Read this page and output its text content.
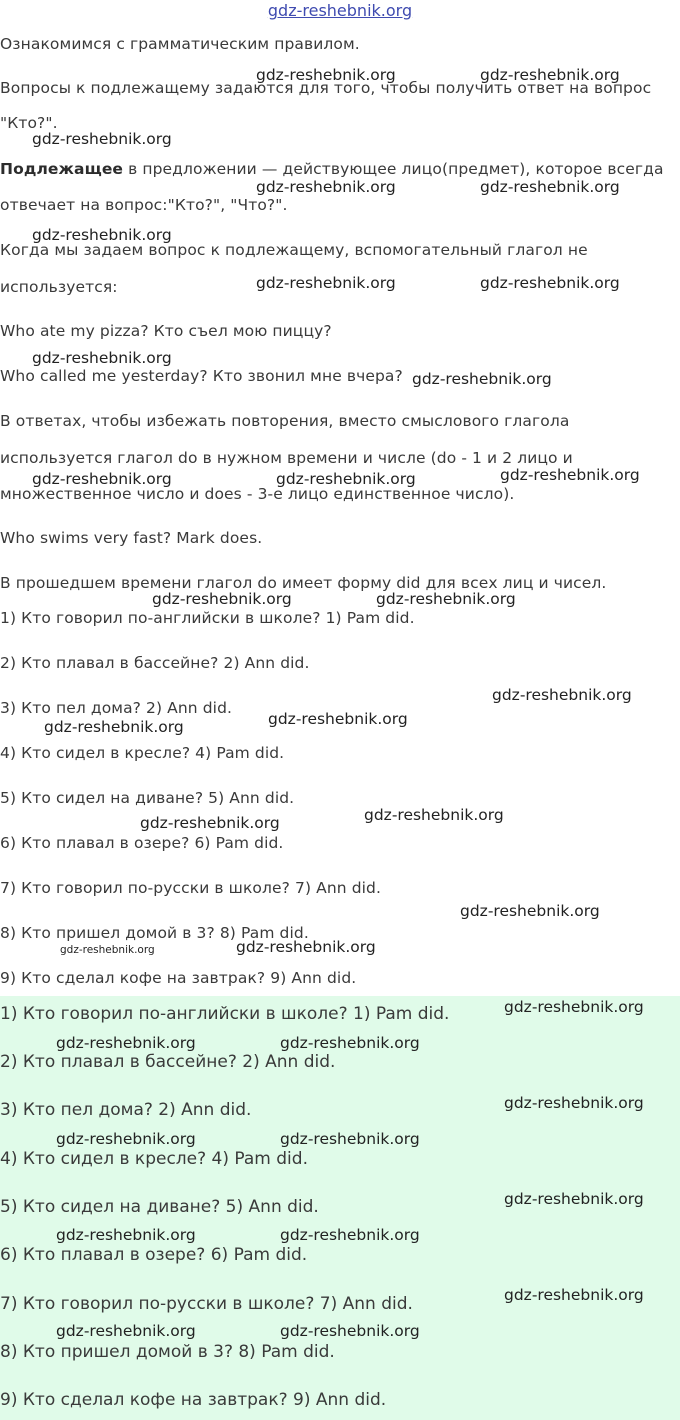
gdz-reshebnik.org
Ознакомимся с грамматическим правилом.
Вопросы к подлежащему задаются для того, чтобы получить ответ на вопрос
"Кто?".
Подлежащее в предложении — действующее лицо(предмет), которое всегда
отвечает на вопрос:"Кто?", "Что?".
Когда мы задаем вопрос к подлежащему, вспомогательный глагол не
используется:
Who ate my pizza? Кто съел мою пиццу?
Who called me yesterday? Кто звонил мне вчера?
В ответах, чтобы избежать повторения, вместо смыслового глагола
используется глагол do в нужном времени и числе (do - 1 и 2 лицо и
множественное число и does - 3-е лицо единственное число).
Who swims very fast? Mark does.
В прошедшем времени глагол do имеет форму did для всех лиц и чисел.
1) Кто говорил по-английски в школе? 1) Pam did.
2) Кто плавал в бассейне? 2) Ann did.
3) Кто пел дома? 2) Ann did.
4) Кто сидел в кресле? 4) Pam did.
5) Кто сидел на диване? 5) Ann did.
6) Кто плавал в озере? 6) Pam did.
7) Кто говорил по-русски в школе? 7) Ann did.
8) Кто пришел домой в 3? 8) Pam did.
9) Кто сделал кофе на завтрак? 9) Ann did.
1) Кто говорил по-английски в школе? 1) Pam did.
2) Кто плавал в бассейне? 2) Ann did.
3) Кто пел дома? 2) Ann did.
4) Кто сидел в кресле? 4) Pam did.
5) Кто сидел на диване? 5) Ann did.
6) Кто плавал в озере? 6) Pam did.
7) Кто говорил по-русски в школе? 7) Ann did.
8) Кто пришел домой в 3? 8) Pam did.
9) Кто сделал кофе на завтрак? 9) Ann did.
gdz-reshebnik.org	gdz-reshebnik.org
gdz-reshebnik.org
gdz-reshebnik.org	gdz-reshebnik.org
gdz-reshebnik.org
gdz-reshebnik.org	gdz-reshebnik.org
gdz-reshebnik.org
gdz-reshebnik.org
gdz-reshebnik.org	gdz-reshebnik.org	gdz-reshebnik.org
gdz-reshebnik.org	gdz-reshebnik.org
gdz-reshebnik.org
gdz-reshebnik.org
gdz-reshebnik.org
gdz-reshebnik.org
gdz-reshebnik.org
gdz-reshebnik.org
gdz-reshebnik.org
gdz-reshebnik.org
gdz-reshebnik.org
gdz-reshebnik.org	gdz-reshebnik.org
gdz-reshebnik.org
gdz-reshebnik.org	gdz-reshebnik.org
gdz-reshebnik.org
gdz-reshebnik.org	gdz-reshebnik.org
gdz-reshebnik.org
gdz-reshebnik.org	gdz-reshebnik.org
